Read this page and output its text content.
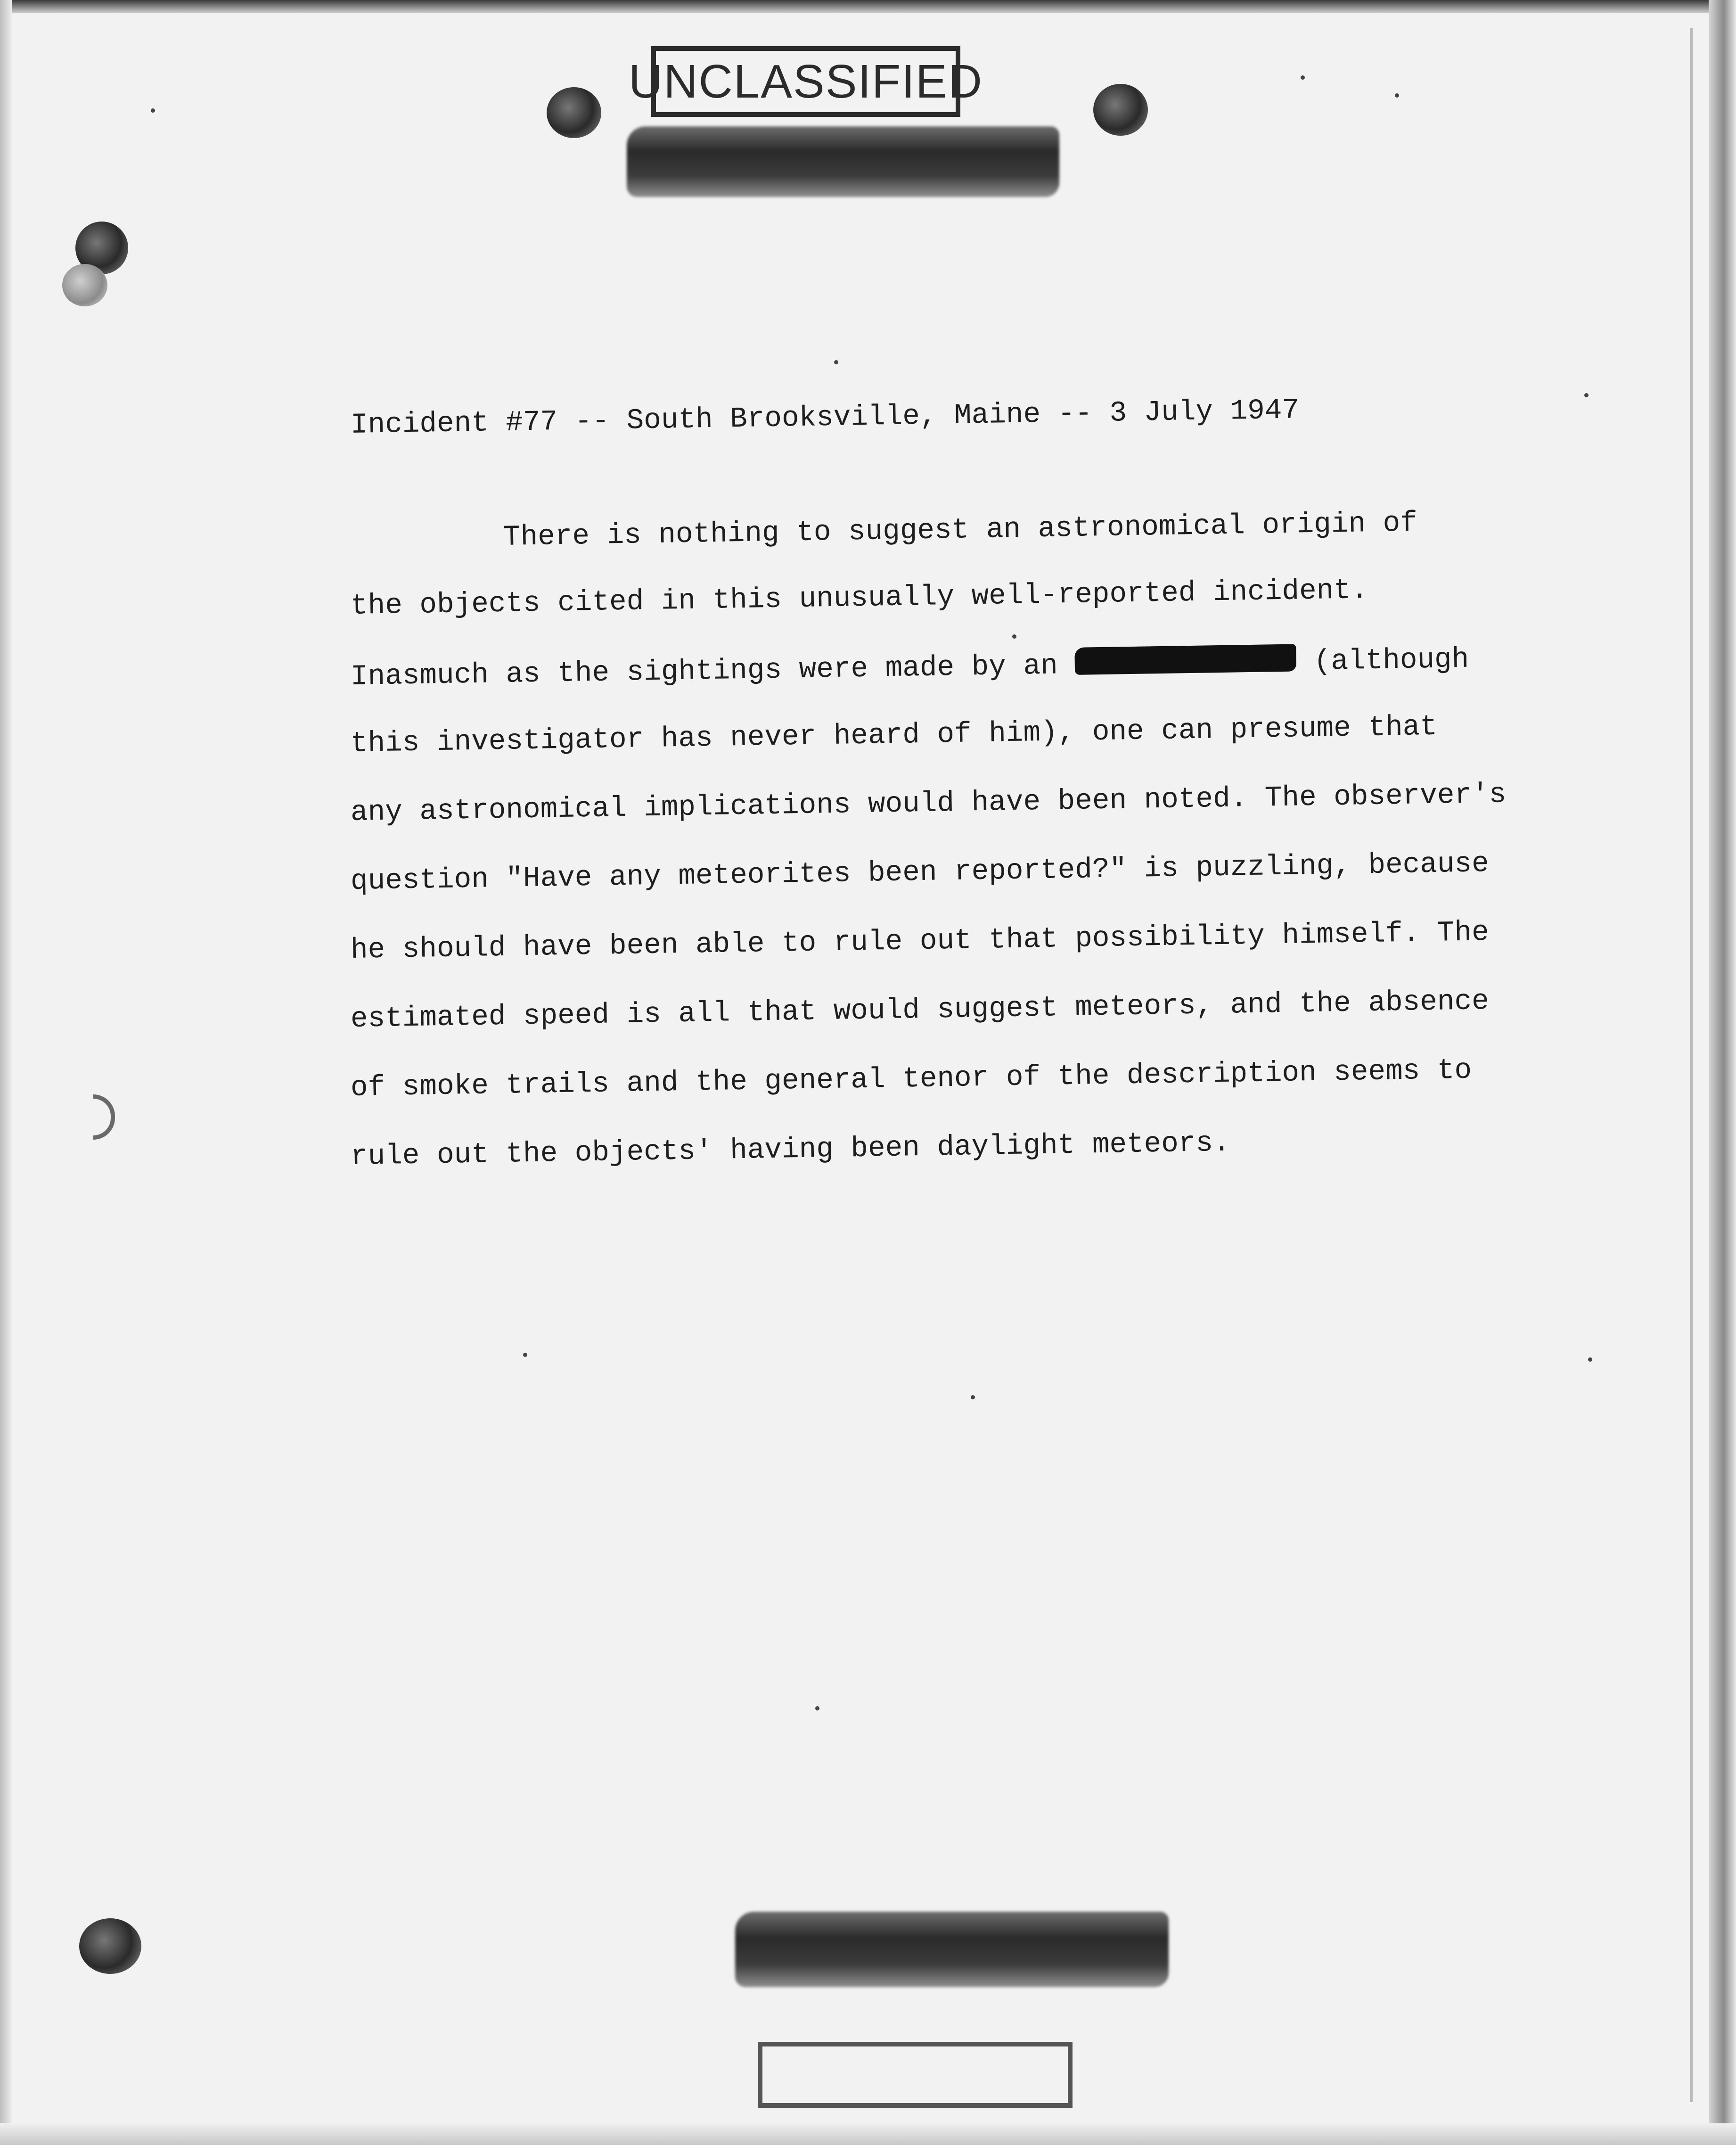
UNCLASSIFIED
Incident #77 -- South Brooksville, Maine -- 3 July 1947
There is nothing to suggest an astronomical origin of
the objects cited in this unusually well-reported incident.
Inasmuch as the sightings were made by an	(although
this investigator has never heard of him), one can presume that
any astronomical implications would have been noted. The observer's
question "Have any meteorites been reported?" is puzzling, because
he should have been able to rule out that possibility himself. The
estimated speed is all that would suggest meteors, and the absence
of smoke trails and the general tenor of the description seems to
rule out the objects' having been daylight meteors.
